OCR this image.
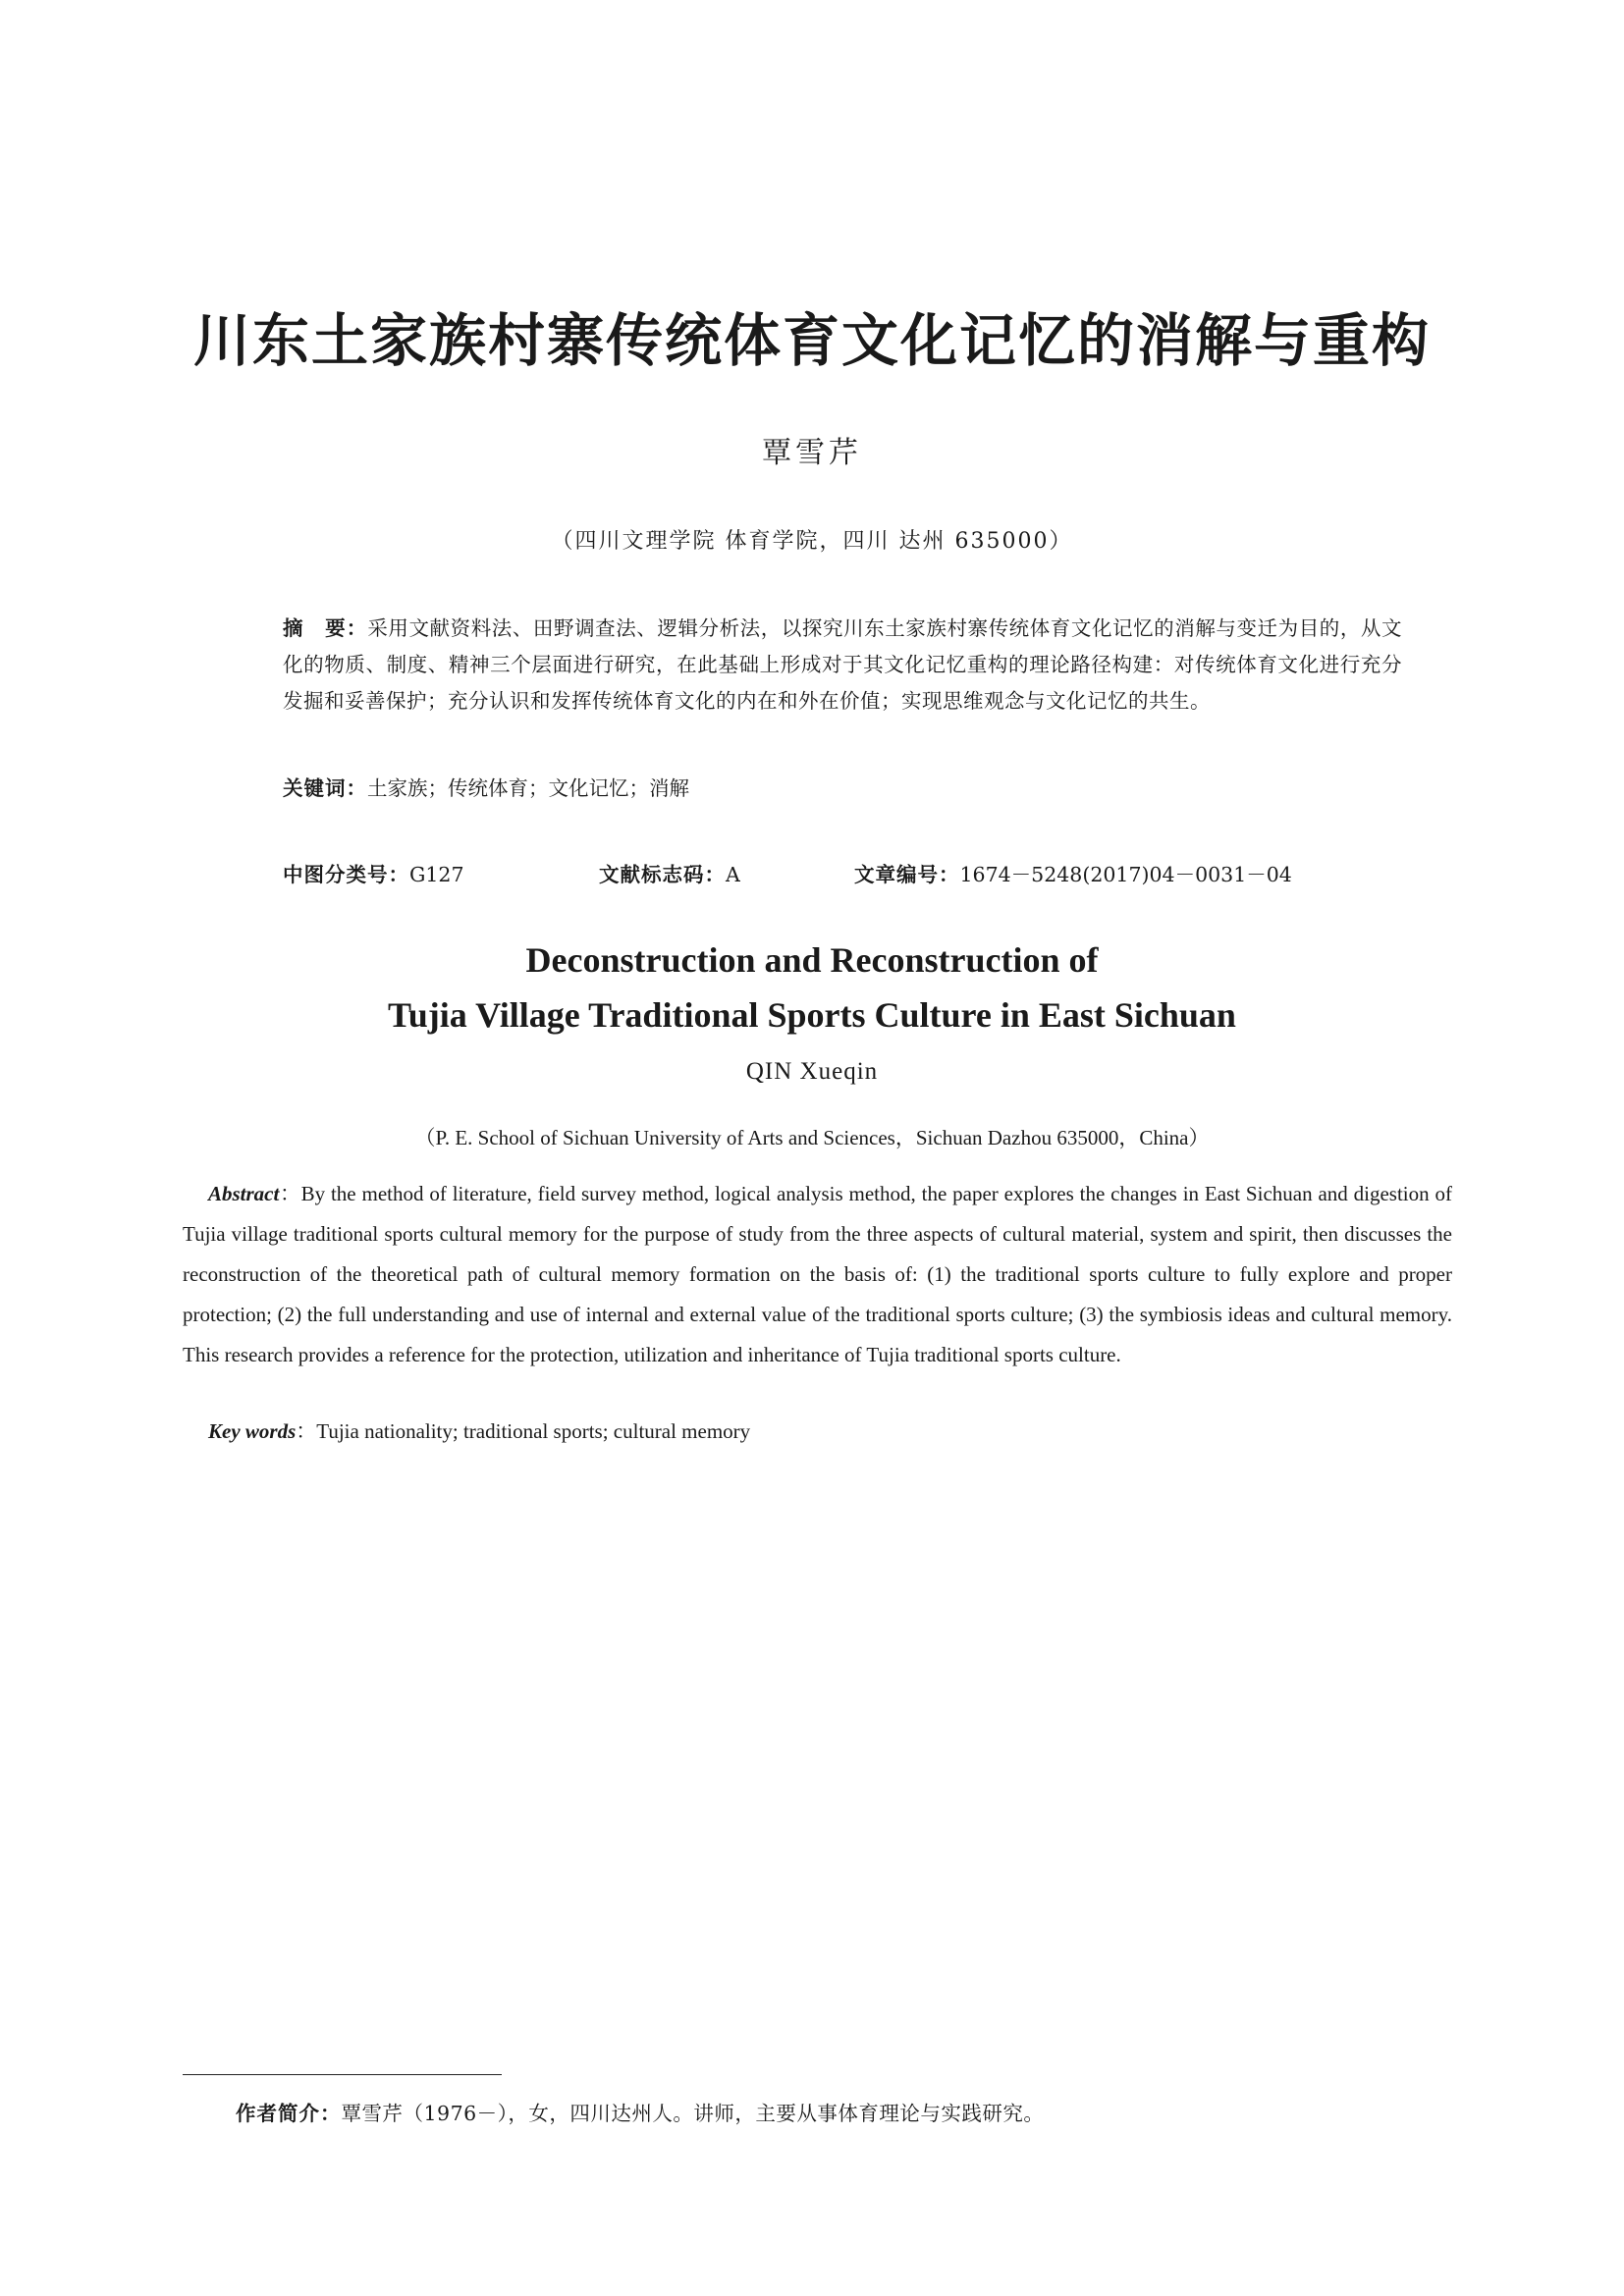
川东土家族村寨传统体育文化记忆的消解与重构

覃雪芹

（四川文理学院 体育学院，四川 达州 635000）

摘　要：采用文献资料法、田野调查法、逻辑分析法，以探究川东土家族村寨传统体育文化记忆的消解与变迁为目的，从文化的物质、制度、精神三个层面进行研究，在此基础上形成对于其文化记忆重构的理论路径构建：对传统体育文化进行充分发掘和妥善保护；充分认识和发挥传统体育文化的内在和外在价值；实现思维观念与文化记忆的共生。

关键词：土家族；传统体育；文化记忆；消解

中图分类号：G127	文献标志码：A	文章编号：1674－5248(2017)04－0031－04

Deconstruction and Reconstruction of
Tujia Village Traditional Sports Culture in East Sichuan

QIN Xueqin

（P. E. School of Sichuan University of Arts and Sciences，Sichuan Dazhou 635000，China）

Abstract：By the method of literature, field survey method, logical analysis method, the paper explores the changes in East Sichuan and digestion of Tujia village traditional sports cultural memory for the purpose of study from the three aspects of cultural material, system and spirit, then discusses the reconstruction of the theoretical path of cultural memory formation on the basis of: (1) the traditional sports culture to fully explore and proper protection; (2) the full understanding and use of internal and external value of the traditional sports culture; (3) the symbiosis ideas and cultural memory. This research provides a reference for the protection, utilization and inheritance of Tujia traditional sports culture.

Key words：Tujia nationality; traditional sports; cultural memory

作者简介：覃雪芹（1976－），女，四川达州人。讲师，主要从事体育理论与实践研究。
